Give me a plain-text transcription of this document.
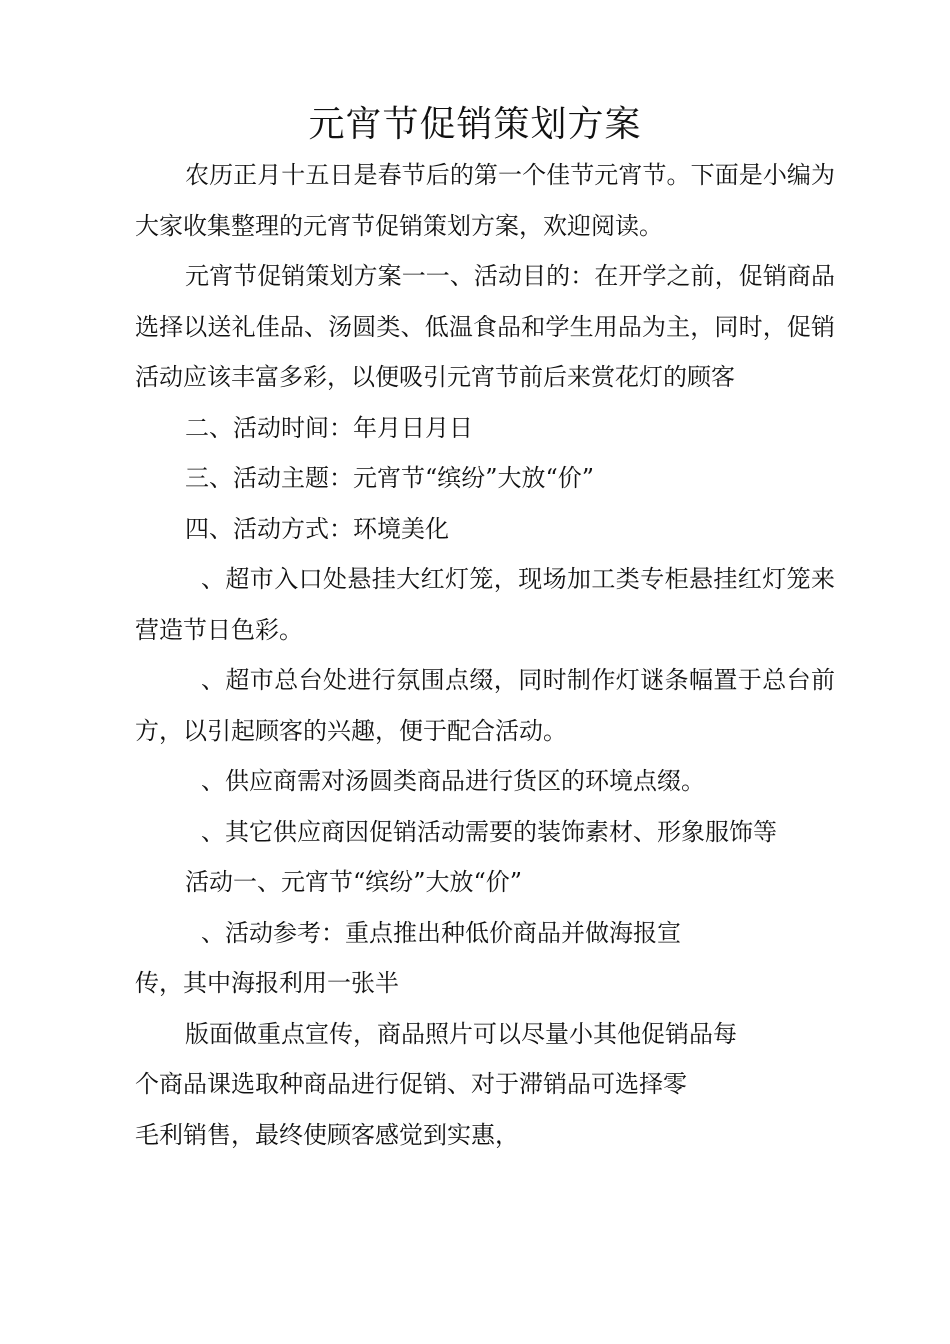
元宵节促销策划方案

农历正月十五日是春节后的第一个佳节元宵节。下面是小编为大家收集整理的元宵节促销策划方案，欢迎阅读。

元宵节促销策划方案一一、活动目的：在开学之前，促销商品选择以送礼佳品、汤圆类、低温食品和学生用品为主，同时，促销活动应该丰富多彩，以便吸引元宵节前后来赏花灯的顾客

二、活动时间：年月日月日

三、活动主题：元宵节“缤纷”大放“价”

四、活动方式：环境美化

、超市入口处悬挂大红灯笼，现场加工类专柜悬挂红灯笼来营造节日色彩。

、超市总台处进行氛围点缀，同时制作灯谜条幅置于总台前方，以引起顾客的兴趣，便于配合活动。

、供应商需对汤圆类商品进行货区的环境点缀。

、其它供应商因促销活动需要的装饰素材、形象服饰等

活动一、元宵节“缤纷”大放“价”

、活动参考：重点推出种低价商品并做海报宣

传，其中海报利用一张半

版面做重点宣传，商品照片可以尽量小其他促销品每

个商品课选取种商品进行促销、对于滞销品可选择零

毛利销售，最终使顾客感觉到实惠，
